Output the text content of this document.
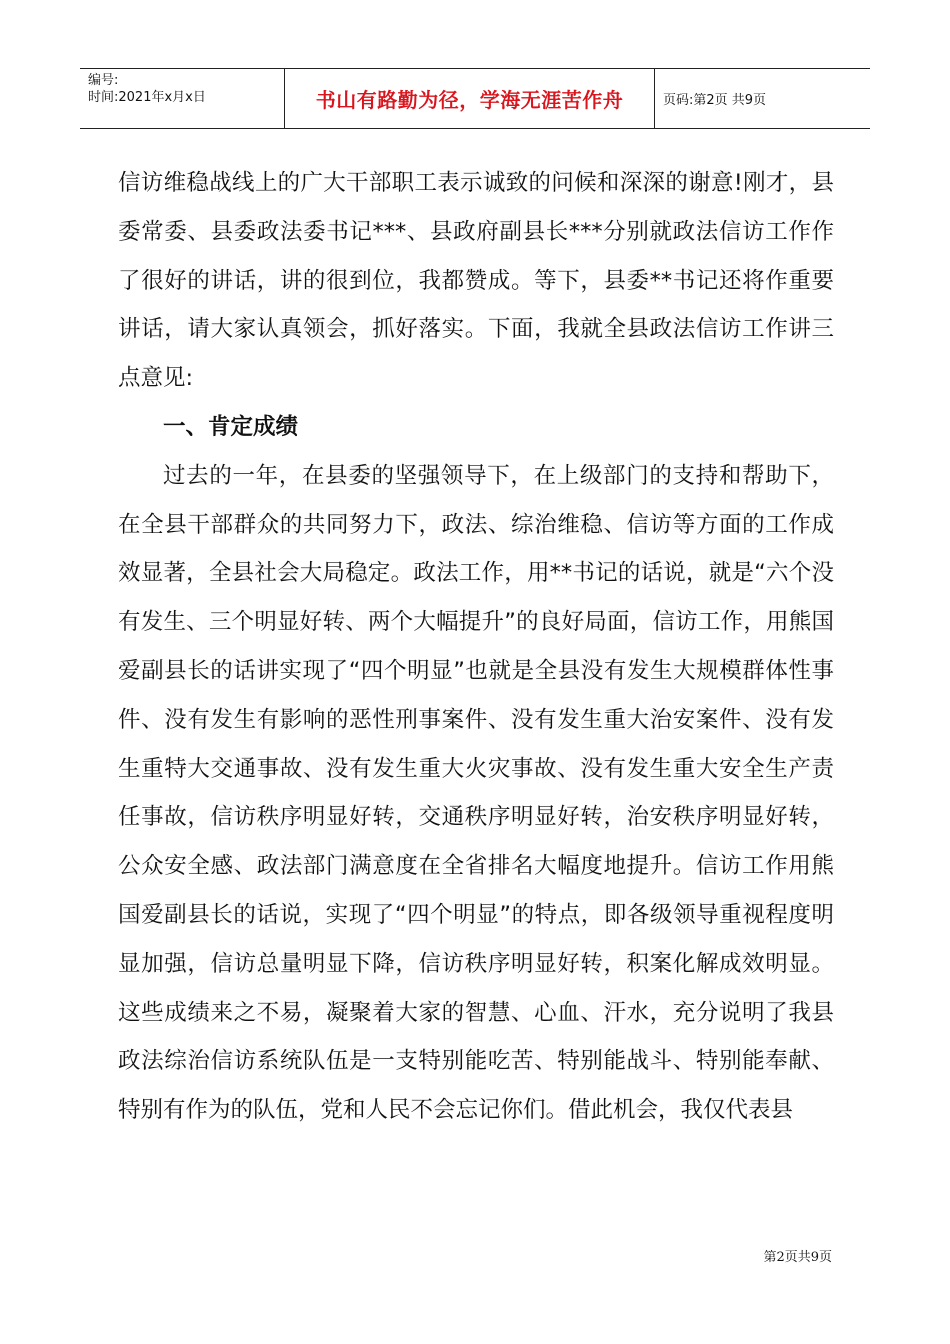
编号:
时间:2021年x月x日	书山有路勤为径，学海无涯苦作舟	页码:第2页 共9页

信访维稳战线上的广大干部职工表示诚致的问候和深深的谢意!刚才，县委常委、县委政法委书记***、县政府副县长***分别就政法信访工作作了很好的讲话，讲的很到位，我都赞成。等下，县委**书记还将作重要讲话，请大家认真领会，抓好落实。下面，我就全县政法信访工作讲三点意见:

一、肯定成绩

过去的一年，在县委的坚强领导下，在上级部门的支持和帮助下，在全县干部群众的共同努力下，政法、综治维稳、信访等方面的工作成效显著，全县社会大局稳定。政法工作，用**书记的话说，就是“六个没有发生、三个明显好转、两个大幅提升”的良好局面，信访工作，用熊国爱副县长的话讲实现了“四个明显”也就是全县没有发生大规模群体性事件、没有发生有影响的恶性刑事案件、没有发生重大治安案件、没有发生重特大交通事故、没有发生重大火灾事故、没有发生重大安全生产责任事故，信访秩序明显好转，交通秩序明显好转，治安秩序明显好转，公众安全感、政法部门满意度在全省排名大幅度地提升。信访工作用熊国爱副县长的话说，实现了“四个明显”的特点，即各级领导重视程度明显加强，信访总量明显下降，信访秩序明显好转，积案化解成效明显。这些成绩来之不易，凝聚着大家的智慧、心血、汗水，充分说明了我县政法综治信访系统队伍是一支特别能吃苦、特别能战斗、特别能奉献、特别有作为的队伍，党和人民不会忘记你们。借此机会，我仅代表县

第2页共9页
